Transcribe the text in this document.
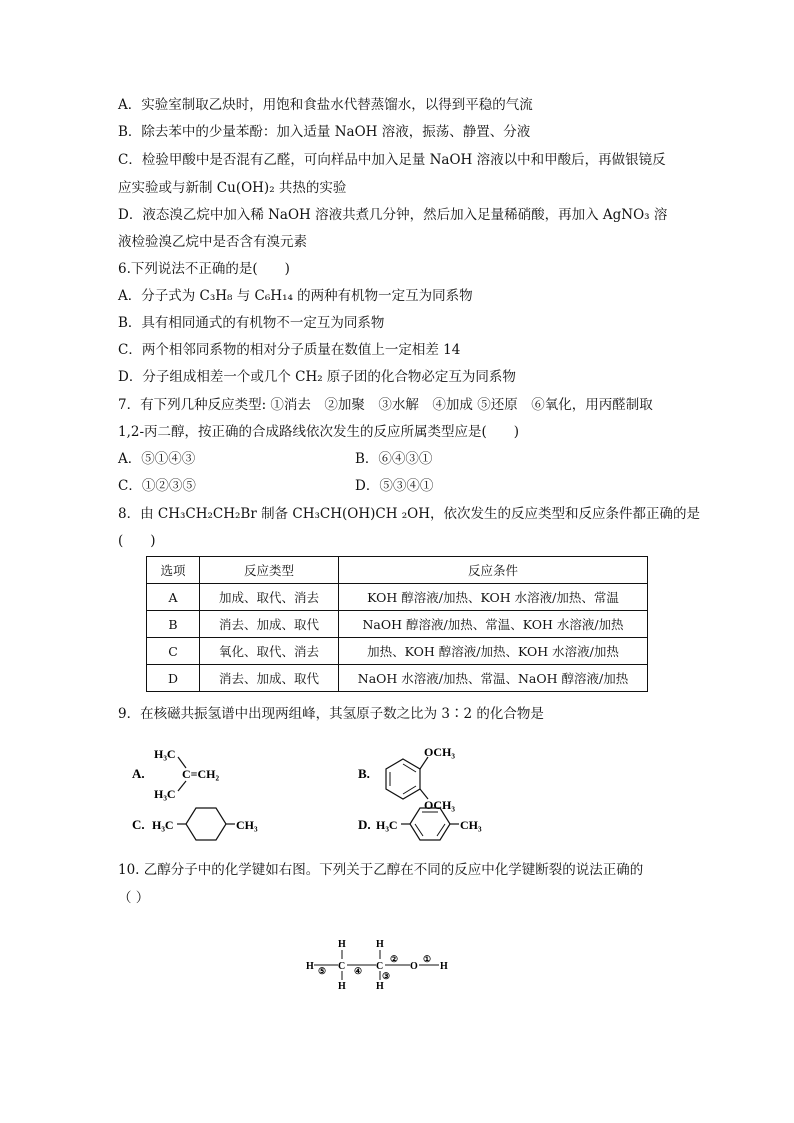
A．实验室制取乙炔时，用饱和食盐水代替蒸馏水，以得到平稳的气流
B．除去苯中的少量苯酚：加入适量 NaOH 溶液，振荡、静置、分液
C．检验甲酸中是否混有乙醛，可向样品中加入足量 NaOH 溶液以中和甲酸后，再做银镜反
应实验或与新制 Cu(OH)₂ 共热的实验
D．液态溴乙烷中加入稀 NaOH 溶液共煮几分钟，然后加入足量稀硝酸，再加入 AgNO₃ 溶
液检验溴乙烷中是否含有溴元素
6.下列说法不正确的是(　　)
A．分子式为 C₃H₈ 与 C₆H₁₄ 的两种有机物一定互为同系物
B．具有相同通式的有机物不一定互为同系物
C．两个相邻同系物的相对分子质量在数值上一定相差 14
D．分子组成相差一个或几个 CH₂ 原子团的化合物必定互为同系物
7．有下列几种反应类型: ①消去　②加聚　③水解　④加成 ⑤还原　⑥氧化，用丙醛制取
1,2-丙二醇，按正确的合成路线依次发生的反应所属类型应是(　　)
A．⑤①④③	B．⑥④③①
C．①②③⑤	D．⑤③④①
8．由 CH₃CH₂CH₂Br 制备 CH₃CH(OH)CH ₂OH，依次发生的反应类型和反应条件都正确的是
(　　)
选项	反应类型	反应条件
A	加成、取代、消去	KOH 醇溶液/加热、KOH 水溶液/加热、常温
B	消去、加成、取代	NaOH 醇溶液/加热、常温、KOH 水溶液/加热
C	氧化、取代、消去	加热、KOH 醇溶液/加热、KOH 水溶液/加热
D	消去、加成、取代	NaOH 水溶液/加热、常温、NaOH 醇溶液/加热
9．在核磁共振氢谱中出现两组峰，其氢原子数之比为 3∶2 的化合物是
A.
H₃C
C=CH₂
H₃C
B.
OCH₃
OCH₃
C. H₃C	CH₃	D. H₃C	CH₃
10. 乙醇分子中的化学键如右图。下列关于乙醇在不同的反应中化学键断裂的说法正确的
（ ）
H
H ⑤ C
H
④
H
C
③
H
②
O
①
H
